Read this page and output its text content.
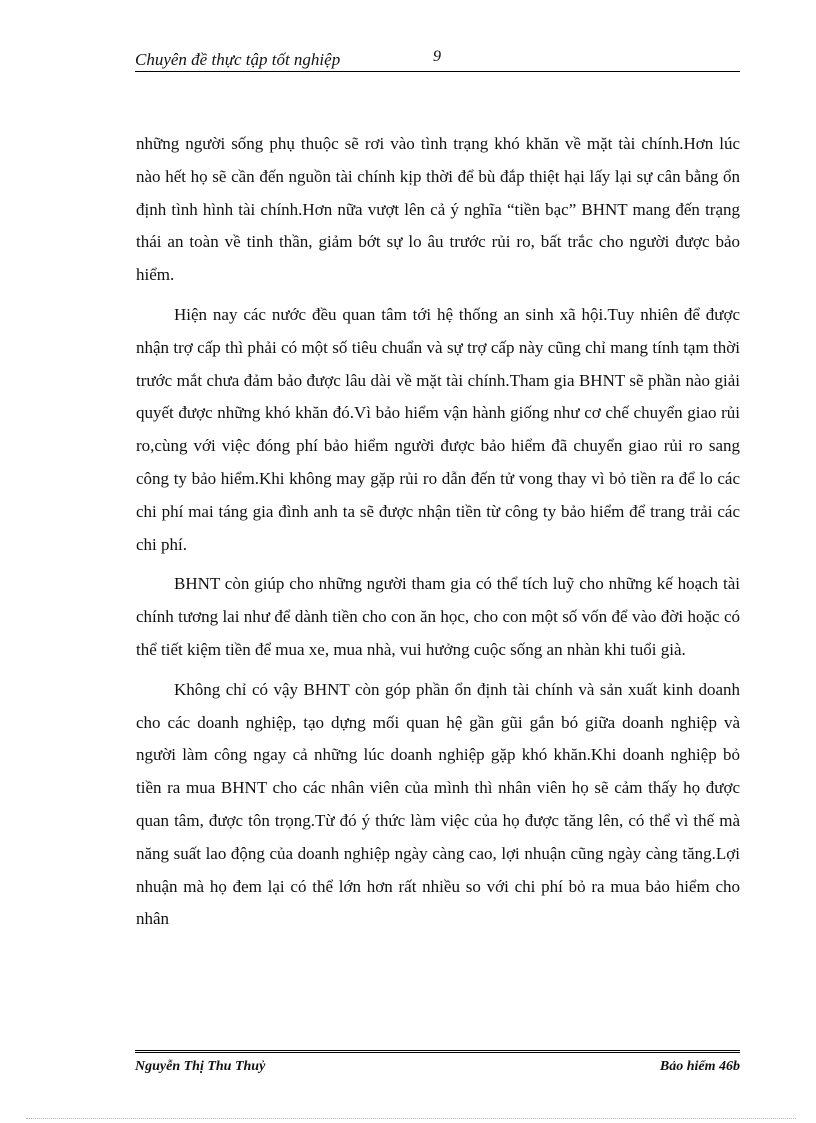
Chuyên đề thực tập tốt nghiệp	9

những người sống phụ thuộc sẽ rơi vào tình trạng khó khăn về mặt tài chính.Hơn lúc nào hết họ sẽ cần đến nguồn tài chính kịp thời để bù đắp thiệt hại lấy lại sự cân bằng ổn định tình hình tài chính.Hơn nữa vượt lên cả ý nghĩa “tiền bạc” BHNT mang đến trạng thái an toàn về tinh thần, giảm bớt sự lo âu trước rủi ro, bất trắc cho người được bảo hiểm.

Hiện nay các nước đều quan tâm tới hệ thống an sinh xã hội.Tuy nhiên để được nhận trợ cấp thì phải có một số tiêu chuẩn và sự trợ cấp này cũng chỉ mang tính tạm thời trước mắt chưa đảm bảo được lâu dài về mặt tài chính.Tham gia BHNT sẽ phần nào giải quyết được những khó khăn đó.Vì bảo hiểm vận hành giống như cơ chế chuyển giao rủi ro,cùng với việc đóng phí bảo hiểm người được bảo hiểm đã chuyển giao rủi ro sang công ty bảo hiểm.Khi không may gặp rủi ro dẫn đến tử vong thay vì bỏ tiền ra để lo các chi phí mai táng gia đình anh ta sẽ được nhận tiền từ công ty bảo hiểm để trang trải các chi phí.

BHNT còn giúp cho những người tham gia có thể tích luỹ cho những kế hoạch tài chính tương lai như để dành tiền cho con ăn học, cho con một số vốn để vào đời hoặc có thể tiết kiệm tiền để mua xe, mua nhà, vui hưởng cuộc sống an nhàn khi tuổi già.

Không chỉ có vậy BHNT còn góp phần ổn định tài chính và sản xuất kinh doanh cho các doanh nghiệp, tạo dựng mối quan hệ gần gũi gắn bó giữa doanh nghiệp và người làm công ngay cả những lúc doanh nghiệp gặp khó khăn.Khi doanh nghiệp bỏ tiền ra mua BHNT cho các nhân viên của mình thì nhân viên họ sẽ cảm thấy họ được quan tâm, được tôn trọng.Từ đó ý thức làm việc của họ được tăng lên, có thể vì thế mà năng suất lao động của doanh nghiệp ngày càng cao, lợi nhuận cũng ngày càng tăng.Lợi nhuận mà họ đem lại có thể lớn hơn rất nhiều so với chi phí bỏ ra mua bảo hiểm cho nhân

Nguyễn Thị Thu Thuỷ	Bảo hiểm 46b
